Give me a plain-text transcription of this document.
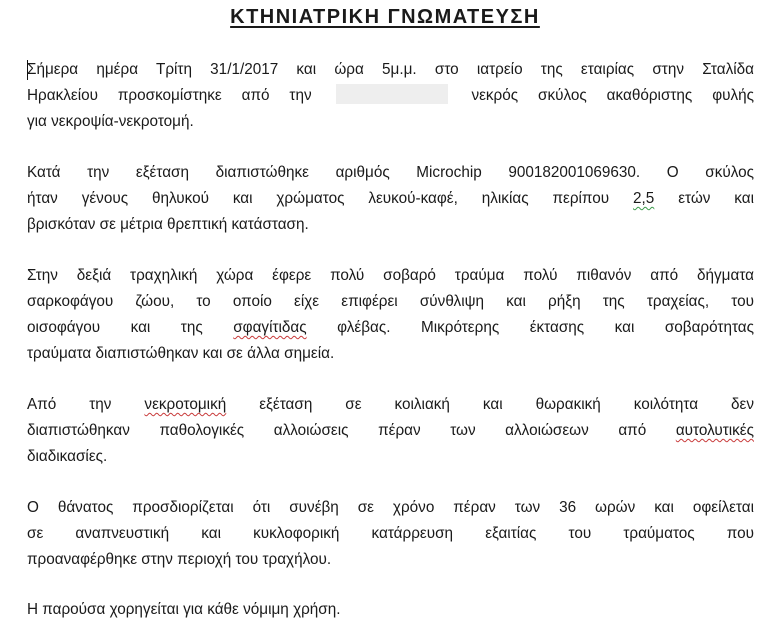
ΚΤΗΝΙΑΤΡΙΚΗ ΓΝΩΜΑΤΕΥΣΗ

Σήμερα ημέρα Τρίτη 31/1/2017 και ώρα 5μ.μ. στο ιατρείο της εταιρίας στην Σταλίδα
Ηρακλείου προσκομίστηκε από την	νεκρός σκύλος ακαθόριστης φυλής
για νεκροψία-νεκροτομή.

Κατά την εξέταση διαπιστώθηκε αριθμός Microchip 900182001069630. Ο σκύλος
ήταν γένους θηλυκού και χρώματος λευκού-καφέ, ηλικίας περίπου 2,5 ετών και
βρισκόταν σε μέτρια θρεπτική κατάσταση.

Στην δεξιά τραχηλική χώρα έφερε πολύ σοβαρό τραύμα πολύ πιθανόν από δήγματα
σαρκοφάγου ζώου, το οποίο είχε επιφέρει σύνθλιψη και ρήξη της τραχείας, του
οισοφάγου και της σφαγίτιδας φλέβας. Μικρότερης έκτασης και σοβαρότητας
τραύματα διαπιστώθηκαν και σε άλλα σημεία.

Από την νεκροτομική εξέταση σε κοιλιακή και θωρακική κοιλότητα δεν
διαπιστώθηκαν παθολογικές αλλοιώσεις πέραν των αλλοιώσεων από αυτολυτικές
διαδικασίες.

Ο θάνατος προσδιορίζεται ότι συνέβη σε χρόνο πέραν των 36 ωρών και οφείλεται
σε αναπνευστική και κυκλοφορική κατάρρευση εξαιτίας του τραύματος που
προαναφέρθηκε στην περιοχή του τραχήλου.

Η παρούσα χορηγείται για κάθε νόμιμη χρήση.
